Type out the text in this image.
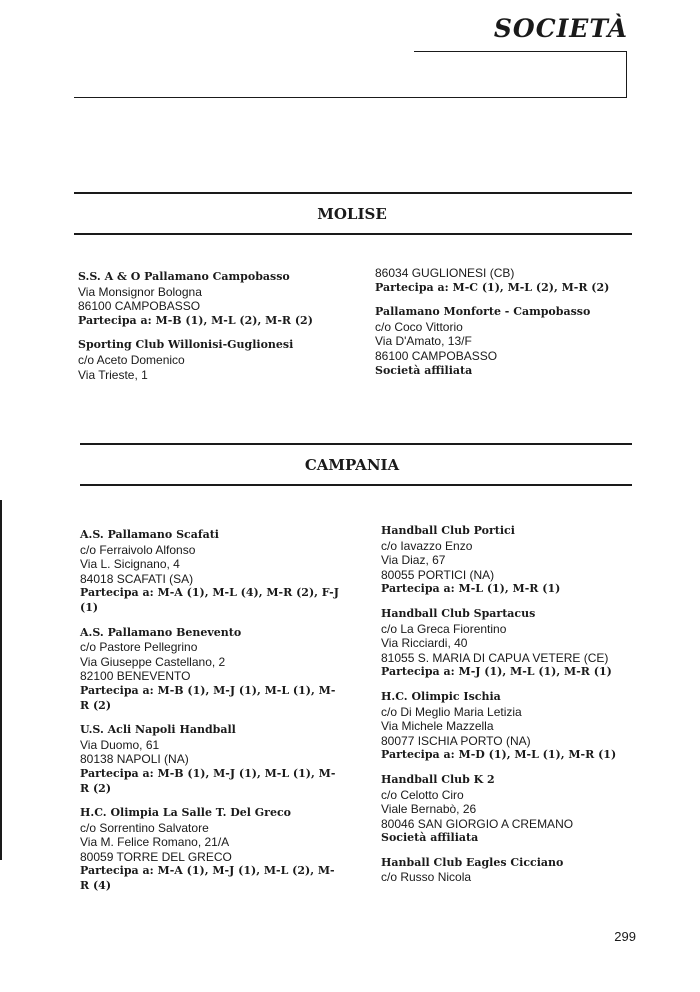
SOCIETÀ
MOLISE
S.S. A & O Pallamano Campobasso
Via Monsignor Bologna
86100 CAMPOBASSO
Partecipa a: M-B (1), M-L (2), M-R (2)
Sporting Club Willonisi-Guglionesi
c/o Aceto Domenico
Via Trieste, 1
86034 GUGLIONESI (CB)
Partecipa a: M-C (1), M-L (2), M-R (2)
Pallamano Monforte - Campobasso
c/o Coco Vittorio
Via D'Amato, 13/F
86100 CAMPOBASSO
Società affiliata
CAMPANIA
A.S. Pallamano Scafati
c/o Ferraivolo Alfonso
Via L. Sicignano, 4
84018 SCAFATI (SA)
Partecipa a: M-A (1), M-L (4), M-R (2), F-J (1)
A.S. Pallamano Benevento
c/o Pastore Pellegrino
Via Giuseppe Castellano, 2
82100 BENEVENTO
Partecipa a: M-B (1), M-J (1), M-L (1), M-R (2)
U.S. Acli Napoli Handball
Via Duomo, 61
80138 NAPOLI (NA)
Partecipa a: M-B (1), M-J (1), M-L (1), M-R (2)
H.C. Olimpia La Salle T. Del Greco
c/o Sorrentino Salvatore
Via M. Felice Romano, 21/A
80059 TORRE DEL GRECO
Partecipa a: M-A (1), M-J (1), M-L (2), M-R (4)
Handball Club Portici
c/o Iavazzo Enzo
Via Diaz, 67
80055 PORTICI (NA)
Partecipa a: M-L (1), M-R (1)
Handball Club Spartacus
c/o La Greca Fiorentino
Via Ricciardi, 40
81055 S. MARIA DI CAPUA VETERE (CE)
Partecipa a: M-J (1), M-L (1), M-R (1)
H.C. Olimpic Ischia
c/o Di Meglio Maria Letizia
Via Michele Mazzella
80077 ISCHIA PORTO (NA)
Partecipa a: M-D (1), M-L (1), M-R (1)
Handball Club K 2
c/o Celotto Ciro
Viale Bernabò, 26
80046 SAN GIORGIO A CREMANO
Società affiliata
Hanball Club Eagles Cicciano
c/o Russo Nicola
299
